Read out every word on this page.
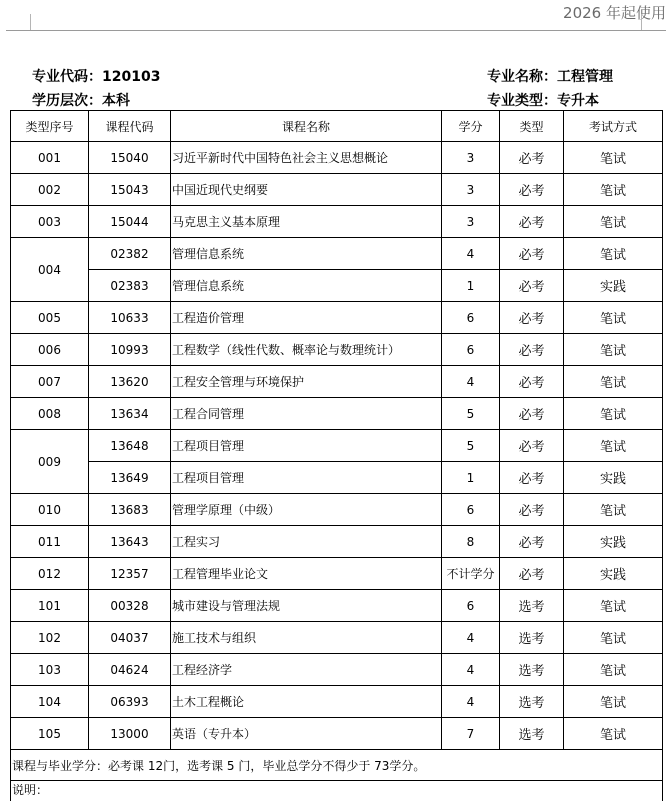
2026 年起使用
专业代码：120103	专业名称：工程管理
学历层次：本科	专业类型：专升本
类型序号	课程代码	课程名称	学分	类型	考试方式
001	15040	习近平新时代中国特色社会主义思想概论	3	必考	笔试
002	15043	中国近现代史纲要	3	必考	笔试
003	15044	马克思主义基本原理	3	必考	笔试
004	02382	管理信息系统	4	必考	笔试
	02383	管理信息系统	1	必考	实践
005	10633	工程造价管理	6	必考	笔试
006	10993	工程数学（线性代数、概率论与数理统计）	6	必考	笔试
007	13620	工程安全管理与环境保护	4	必考	笔试
008	13634	工程合同管理	5	必考	笔试
009	13648	工程项目管理	5	必考	笔试
	13649	工程项目管理	1	必考	实践
010	13683	管理学原理（中级）	6	必考	笔试
011	13643	工程实习	8	必考	实践
012	12357	工程管理毕业论文	不计学分	必考	实践
101	00328	城市建设与管理法规	6	选考	笔试
102	04037	施工技术与组织	4	选考	笔试
103	04624	工程经济学	4	选考	笔试
104	06393	土木工程概论	4	选考	笔试
105	13000	英语（专升本）	7	选考	笔试
课程与毕业学分：必考课 12门，选考课 5 门，毕业总学分不得少于 73学分。					
说明：					
